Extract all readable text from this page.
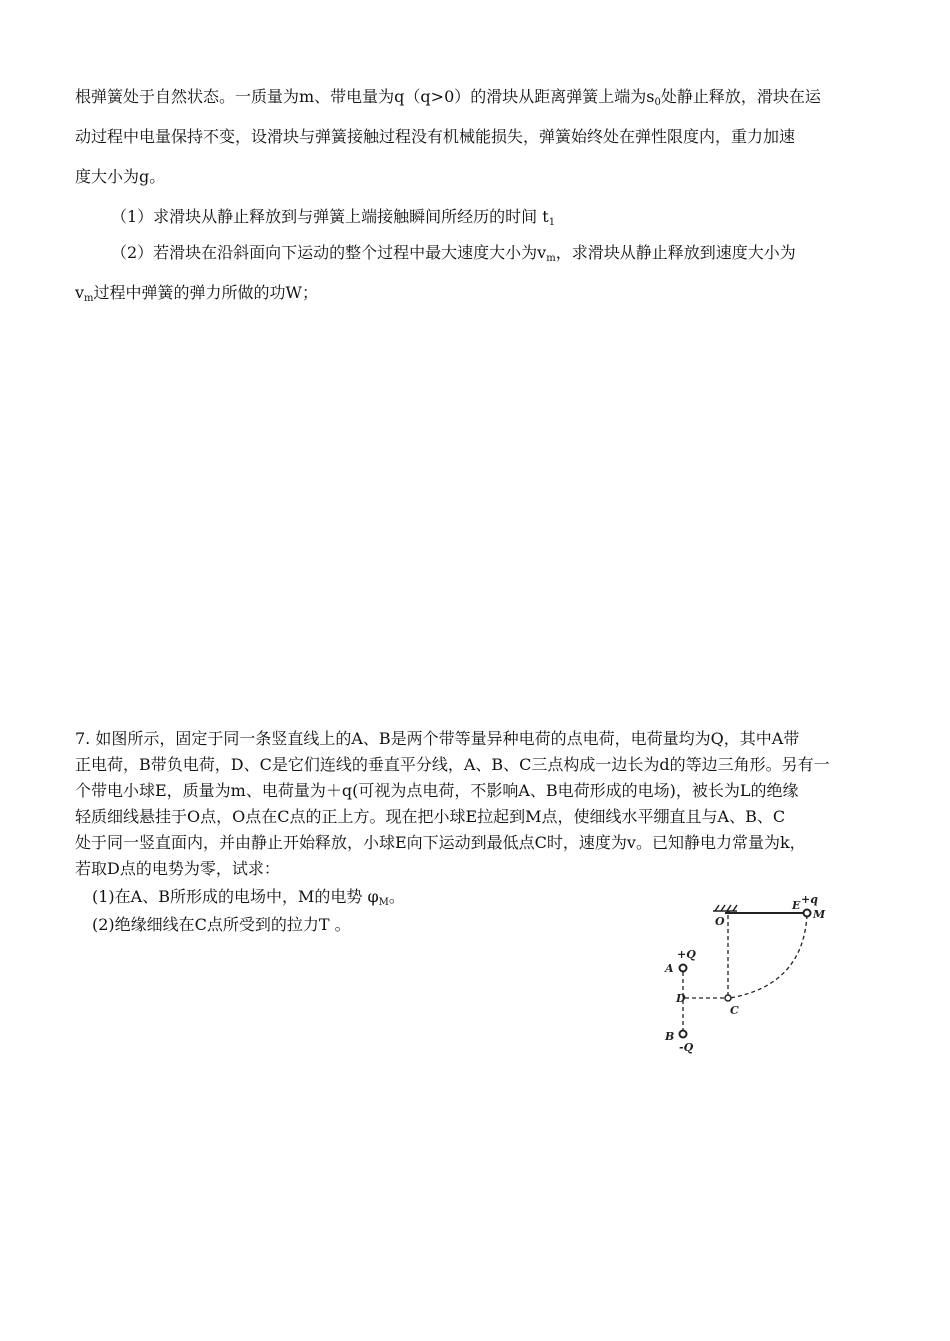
根弹簧处于自然状态。一质量为m、带电量为q（q>0）的滑块从距离弹簧上端为$s_0$处静止释放，滑块在运
动过程中电量保持不变，设滑块与弹簧接触过程没有机械能损失，弹簧始终处在弹性限度内，重力加速
度大小为g。
（1）求滑块从静止释放到与弹簧上端接触瞬间所经历的时间 $t_1$
（2）若滑块在沿斜面向下运动的整个过程中最大速度大小为$v_m$，求滑块从静止释放到速度大小为
$v_m$过程中弹簧的弹力所做的功W；
7. 如图所示，固定于同一条竖直线上的A、B是两个带等量异种电荷的点电荷，电荷量均为Q，其中A带
正电荷，B带负电荷，D、C是它们连线的垂直平分线，A、B、C三点构成一边长为d的等边三角形。另有一
个带电小球E，质量为m、电荷量为＋q(可视为点电荷，不影响A、B电荷形成的电场)，被长为L的绝缘
轻质细线悬挂于O点，O点在C点的正上方。现在把小球E拉起到M点，使细线水平绷直且与A、B、C
处于同一竖直面内，并由静止开始释放，小球E向下运动到最低点C时，速度为v。已知静电力常量为k，
若取D点的电势为零，试求：
(1)在A、B所形成的电场中，M的电势 $\varphi_M$。
(2)绝缘细线在C点所受到的拉力T 。
+q
E
M
O
+Q
A
D
C
B
-Q
